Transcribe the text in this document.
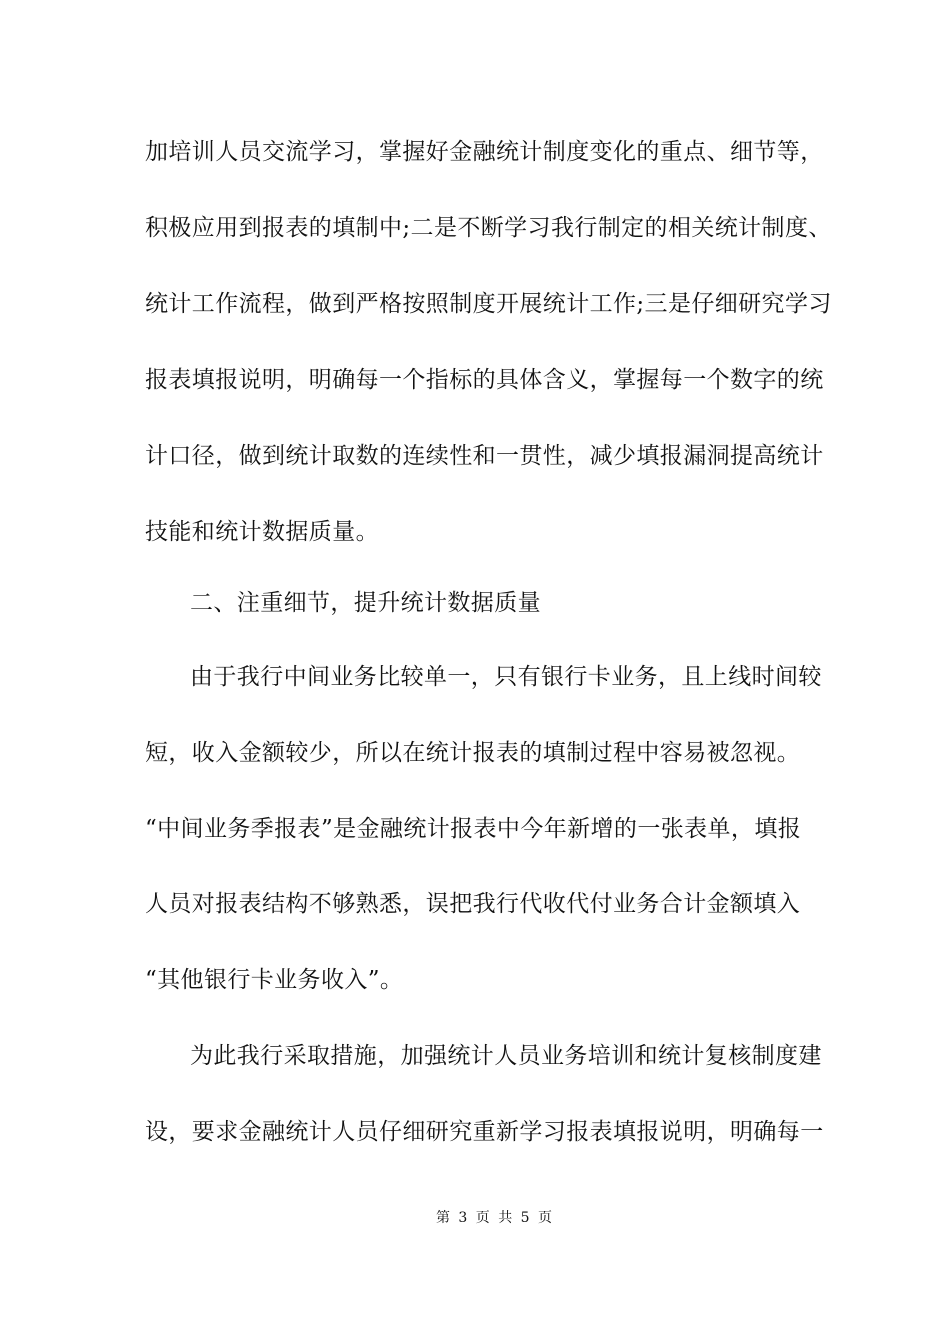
加培训人员交流学习，掌握好金融统计制度变化的重点、细节等，
积极应用到报表的填制中;二是不断学习我行制定的相关统计制度、
统计工作流程，做到严格按照制度开展统计工作;三是仔细研究学习
报表填报说明，明确每一个指标的具体含义，掌握每一个数字的统
计口径，做到统计取数的连续性和一贯性，减少填报漏洞提高统计
技能和统计数据质量。
二、注重细节，提升统计数据质量
由于我行中间业务比较单一，只有银行卡业务，且上线时间较
短，收入金额较少，所以在统计报表的填制过程中容易被忽视。
“中间业务季报表”是金融统计报表中今年新增的一张表单，填报
人员对报表结构不够熟悉，误把我行代收代付业务合计金额填入
“其他银行卡业务收入”。
为此我行采取措施，加强统计人员业务培训和统计复核制度建
设，要求金融统计人员仔细研究重新学习报表填报说明，明确每一
第 3 页 共 5 页
